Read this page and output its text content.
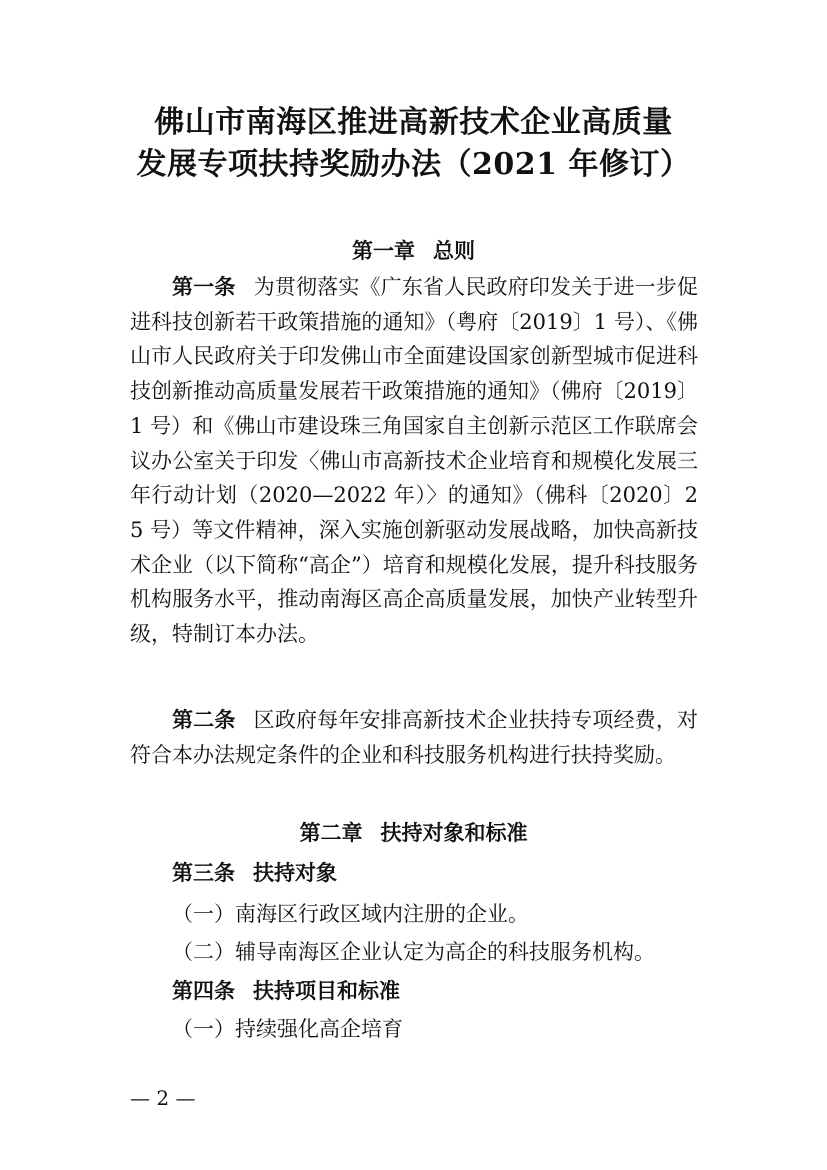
佛山市南海区推进高新技术企业高质量
发展专项扶持奖励办法（2021 年修订）
第一章 总则
第一条 为贯彻落实《广东省人民政府印发关于进一步促进科技创新若干政策措施的通知》（粤府〔2019〕1 号）、《佛山市人民政府关于印发佛山市全面建设国家创新型城市促进科技创新推动高质量发展若干政策措施的通知》（佛府〔2019〕1 号）和《佛山市建设珠三角国家自主创新示范区工作联席会议办公室关于印发〈佛山市高新技术企业培育和规模化发展三年行动计划（2020—2022 年）〉的通知》（佛科〔2020〕25 号）等文件精神，深入实施创新驱动发展战略，加快高新技术企业（以下简称“高企”）培育和规模化发展，提升科技服务机构服务水平，推动南海区高企高质量发展，加快产业转型升级，特制订本办法。
第二条 区政府每年安排高新技术企业扶持专项经费，对符合本办法规定条件的企业和科技服务机构进行扶持奖励。
第二章 扶持对象和标准
第三条 扶持对象
（一）南海区行政区域内注册的企业。
（二）辅导南海区企业认定为高企的科技服务机构。
第四条 扶持项目和标准
（一）持续强化高企培育
— 2 —
